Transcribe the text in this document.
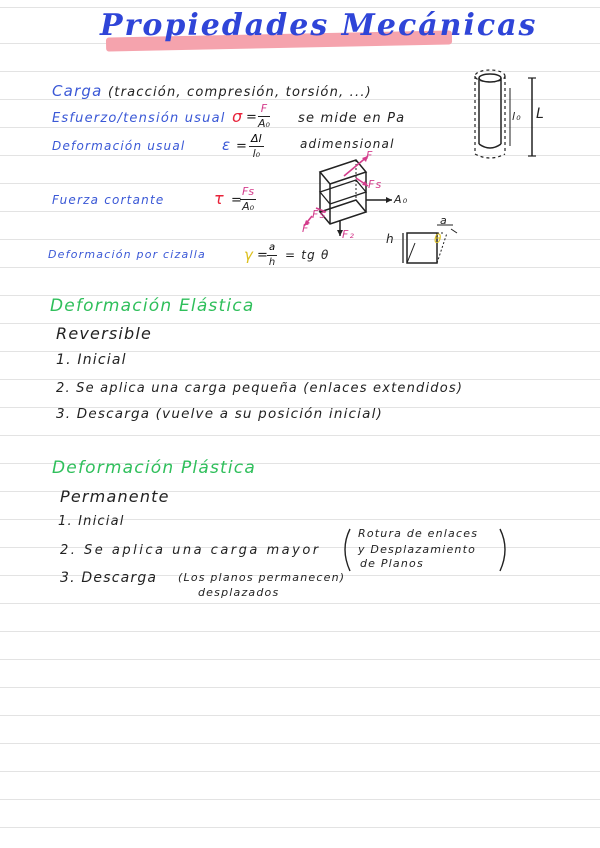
Propiedades Mecánicas
Carga (tracción, compresión, torsión, ...)
Esfuerzo/tensión usual $\sigma = \frac{F}{\text{A₀}}$ se mide en Pa
Deformación usual $\varepsilon = \frac{\Delta l}{\text{l₀}}$	adimensional
Fuerza cortante	τ =
$\frac{Fs}{\text{A₀}}$
Deformación por cizalla	γ =
$\frac{a}{h}$ = tg θ
l₀ L
F
Fs
A₀
Fs
F	F₂	h
a
θ
Deformación Elástica
Reversible
1. Inicial
2. Se aplica una carga pequeña (enlaces extendidos)
3. Descarga (vuelve a su posición inicial)
Deformación Plástica
Permanente
1. Inicial
2. Se aplica una carga mayor
3. Descarga
Rotura de enlaces
y Desplazamiento
de Planos
(Los planos permanecen)
desplazados
